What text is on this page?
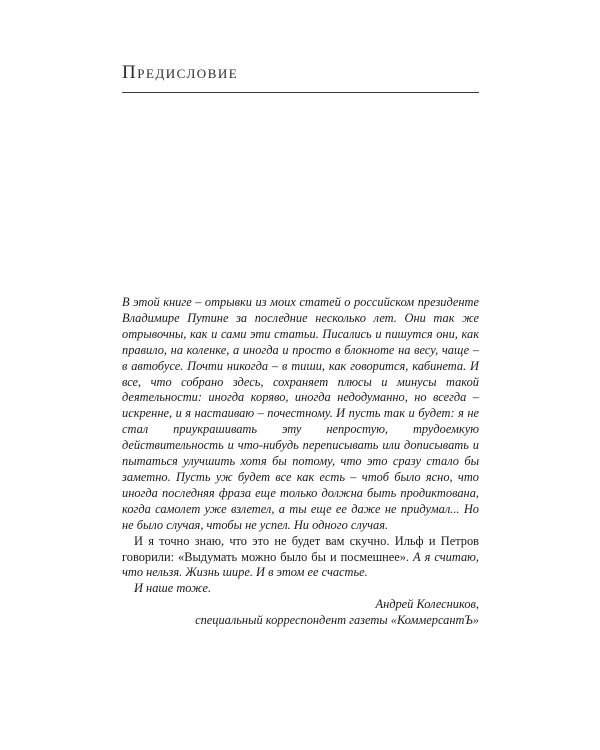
Предисловие

В этой книге – отрывки из моих статей о российском президенте Владимире Путине за последние несколько лет. Они так же отрывочны, как и сами эти статьи. Писались и пишутся они, как правило, на коленке, а иногда и просто в блокноте на весу, чаще – в автобусе. Почти никогда – в тиши, как говорится, кабинета. И все, что собрано здесь, сохраняет плюсы и минусы такой деятельности: иногда коряво, иногда недодуманно, но всегда – искренне, и я настаиваю – почестному. И пусть так и будет: я не стал приукрашивать эту непростую, трудоемкую действительность и что-нибудь переписывать или дописывать и пытаться улучшить хотя бы потому, что это сразу стало бы заметно. Пусть уж будет все как есть – чтоб было ясно, что иногда последняя фраза еще только должна быть продиктована, когда самолет уже взлетел, а ты еще ее даже не придумал... Но не было случая, чтобы не успел. Ни одного случая.

И я точно знаю, что это не будет вам скучно. Ильф и Петров говорили: «Выдумать можно было бы и посмешнее». А я считаю, что нельзя. Жизнь шире. И в этом ее счастье.

И наше тоже.

Андрей Колесников,

специальный корреспондент газеты «КоммерсантЪ»
